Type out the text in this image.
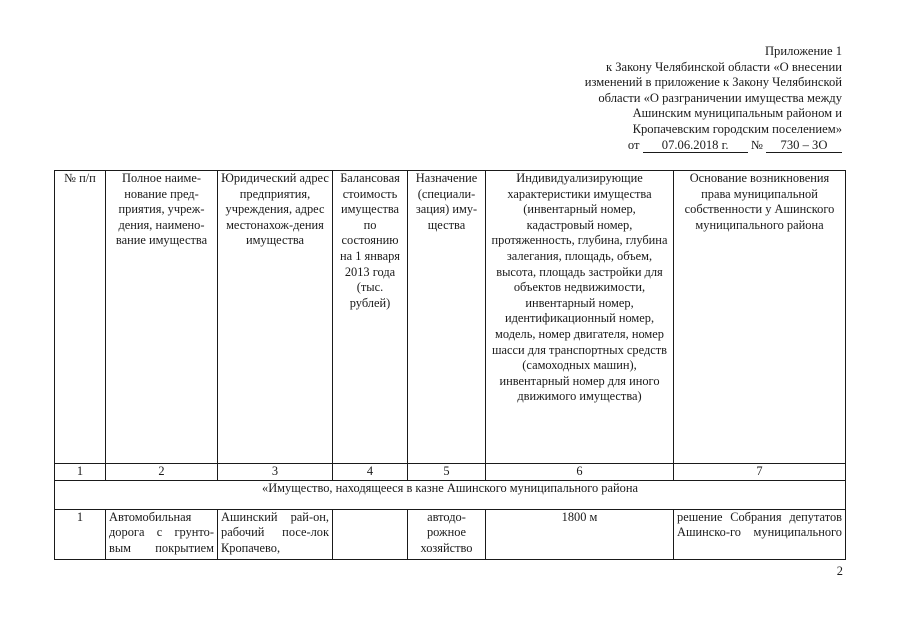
Приложение 1
к Закону Челябинской области «О внесении
изменений в приложение к Закону Челябинской
области «О разграничении имущества между
Ашинским муниципальным районом и
Кропачевским городским поселением»
от 07.06.2018 г. № 730 – ЗО
№ п/п	Полное наиме-нование пред-приятия, учреж-дения, наимено-вание имущества	Юридический адрес предприятия, учреждения, адрес местонахож-дения имущества	Балансовая стоимость имущества по состоянию на 1 января 2013 года (тыс. рублей)	Назначение (специали-зация) иму-щества	Индивидуализирующие характеристики имущества (инвентарный номер, кадастровый номер, протяженность, глубина, глубина залегания, площадь, объем, высота, площадь застройки для объектов недвижимости, инвентарный номер, идентификационный номер, модель, номер двигателя, номер шасси для транспортных средств (самоходных машин), инвентарный номер для иного движимого имущества)	Основание возникновения права муниципальной собственности у Ашинского муниципального района
1	2	3	4	5	6	7
«Имущество, находящееся в казне Ашинского муниципального района						
1	Автомобильная дорога с грунто-вым покрытием	Ашинский рай-он, рабочий посе-лок Кропачево,		автодо-рожное хозяйство	1800 м	решение Собрания депутатов Ашинско-го муниципального
2
